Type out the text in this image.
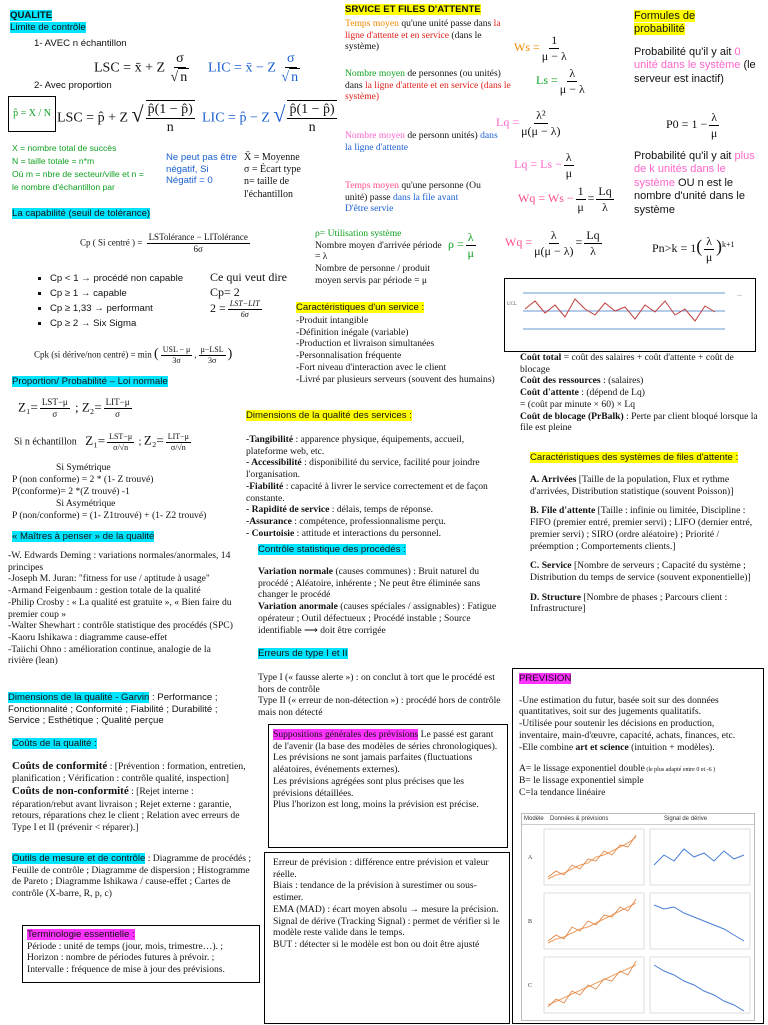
QUALITE
Limite de contrôle
1- AVEC n échantillon
LSC = x̄ + Z $\frac{\sigma}{√ n}$ LIC = x̄ − Z $\frac{\sigma}{√ n}$
2- Avec proportion
p̂ = X / N LSC = p̂ + Z √ $\frac{p̂(1 - p̂)}{n}$ LIC = p̂ − Z √ $\frac{p̂(1 - p̂)}{n}$
X = nombre total de succès
N = taille totale = n*m
Où m = nbre de secteur/ville et n =
le nombre d'échantillon par
Ne peut pas être négatif, Si Négatif = 0
X̄ = Moyenne
σ = Écart type
n= taille de l'échantillon
La capabilité (seuil de tolérance)
Cp ( Si centré ) = $\frac{\text{LSTolérance − LITolérance}}{6\sigma}$
▪ Cp < 1 → procédé non capable
▪ Cp ≥ 1 → capable
▪ Cp ≥ 1,33 → performant
▪ Cp ≥ 2 → Six Sigma
Ce qui veut dire
Cp= 2
$2 = \frac{\text{LST−LIT}}{6\sigma}$
Cpk (si dérive/non centré) = min ( $\frac{\text{USL − μ}}{3\sigma}$ , $\frac{\text{μ−LSL}}{3\sigma}$ )
Proportion/ Probabilité – Loi normale
$Z_1= \frac{\text{LST−μ}}{\sigma}$ ; $Z_2= \frac{\text{LIT−μ}}{\sigma}$
Si n échantillon $Z_1= \frac{\text{LST−μ}}{\sigma/√n}$ ; $Z_2= \frac{\text{LIT−μ}}{\sigma/√n}$
Si Symétrique
P (non conforme) = 2 * (1- Z trouvé)
P(conforme)= 2 *(Z trouvé) -1
Si Asymétrique
P (non/conforme) = (1- Z1trouvé) + (1- Z2 trouvé)
« Maîtres à penser » de la qualité
-W. Edwards Deming : variations normales/anormales, 14 principes
-Joseph M. Juran: "fitness for use / aptitude à usage"
-Armand Feigenbaum : gestion totale de la qualité
-Philip Crosby : « La qualité est gratuite », « Bien faire du premier coup »
-Walter Shewhart : contrôle statistique des procédés (SPC)
-Kaoru Ishikawa : diagramme cause-effet
-Taiichi Ohno : amélioration continue, analogie de la rivière (lean)
Dimensions de la qualité - Garvin : Performance ; Fonctionnalité ; Conformité ; Fiabilité ; Durabilité ; Service ; Esthétique ; Qualité perçue
Coûts de la qualité :

Coûts de conformité : [Prévention : formation, entretien, planification ; Vérification : contrôle qualité, inspection]

Coûts de non-conformité : [Rejet interne : réparation/rebut avant livraison ; Rejet externe : garantie, retours, réparations chez le client ; Relation avec erreurs de Type I et II (prévenir < réparer).]

Outils de mesure et de contrôle : Diagramme de procédés ; Feuille de contrôle ; Diagramme de dispersion ; Histogramme de Pareto ; Diagramme Ishikawa / cause-effet ; Cartes de contrôle (X-barre, R, p, c)
Terminologie essentielle :
Période : unité de temps (jour, mois, trimestre…). ;
Horizon : nombre de périodes futures à prévoir. ;
Intervalle : fréquence de mise à jour des prévisions.
SRVICE ET FILES D'ATTENTE
Temps moyen qu'une unité passe dans la ligne d'attente et en service (dans le système)	$Ws = \frac{1}{\mu - \lambda}$
Nombre moyen de personnes (ou unités) dans la ligne d'attente et en service (dans le système)
$Ls = \frac{\lambda}{\mu - \lambda}$
Nombre moyen de personn unités) dans la ligne d'attente
$Lq = \frac{\text{λ²}}{\mu(\mu - \lambda)}$
$Lq = Ls - \frac{\lambda}{\mu}$
Temps moyen qu'une personne (Ou unité) passe dans la file avant
D'être servie
$Wq = Ws - \frac{1}{\mu} = \frac{Lq}{\lambda}$
$Wq = \frac{\lambda}{\mu(\mu - \lambda)} = \frac{Lq}{\lambda}$
ρ= Utilisation système
Nombre moyen d'arrivée période = λ
Nombre de personne / produit moyen servis par période = μ
$\rho = \frac{\lambda}{\mu}$
Caractéristiques d'un service :
-Produit intangible
-Définition inégale (variable)
-Production et livraison simultanées
-Personnalisation fréquente
-Fort niveau d'interaction avec le client
-Livré par plusieurs serveurs (souvent des humains)
Dimensions de la qualité des services :

-Tangibilité : apparence physique, équipements, accueil, plateforme web, etc.

- Accessibilité : disponibilité du service, facilité pour joindre l'organisation.

-Fiabilité : capacité à livrer le service correctement et de façon constante.

- Rapidité de service : délais, temps de réponse.

-Assurance : compétence, professionnalisme perçu.

- Courtoisie : attitude et interactions du personnel.

Contrôle statistique des procédés :

Variation normale (causes communes) : Bruit naturel du procédé ; Aléatoire, inhérente ; Ne peut être éliminée sans changer le procédé

Variation anormale (causes spéciales / assignables) : Fatigue opérateur ; Outil défectueux ; Procédé instable ; Source identifiable ⟶ doit être corrigée

Erreurs de type I et II

Type I (« fausse alerte ») : on conclut à tort que le procédé est hors de contrôle

Type II (« erreur de non-détection ») : procédé hors de contrôle mais non détecté

Suppositions générales des prévisions Le passé est garant de l'avenir (la base des modèles de séries chronologiques).
Les prévisions ne sont jamais parfaites (fluctuations aléatoires, événements externes).
Les prévisions agrégées sont plus précises que les prévisions détaillées.
Plus l'horizon est long, moins la prévision est précise.
Erreur de prévision : différence entre prévision et valeur réelle.
Biais : tendance de la prévision à surestimer ou sous-estimer.
EMA (MAD) : écart moyen absolu → mesure la précision.
Signal de dérive (Tracking Signal) : permet de vérifier si le modèle reste valide dans le temps.
BUT : détecter si le modèle est bon ou doit être ajusté
Formules de probabilité
Probabilité qu'il y ait 0 unité dans le système (le serveur est inactif)
$P0 = 1 - \frac{\lambda}{\mu}$
Probabilité qu'il y ait plus de k unités dans le système OU n est le nombre d'unité dans le système
$Pn>k = 1( \frac{\lambda}{\mu} )^{k+1}$
UCL
—

Coût total = coût des salaires + coût d'attente + coût de blocage

Coût des ressources : (salaires)

Coût d'attente : (dépend de Lq)

= (coût par minute × 60) × Lq

Coût de blocage (PrBalk) : Perte par client bloqué lorsque la file est pleine

Caractéristiques des systèmes de files d'attente :

A. Arrivées [Taille de la population, Flux et rythme d'arrivées, Distribution statistique (souvent Poisson)]

B. File d'attente [Taille : infinie ou limitée, Discipline : FIFO (premier entré, premier servi) ; LIFO (dernier entré, premier servi) ; SIRO (ordre aléatoire) ; Priorité / préemption ; Comportements clients.]

C. Service [Nombre de serveurs ; Capacité du système ; Distribution du temps de service (souvent exponentielle)]

D. Structure [Nombre de phases ; Parcours client : Infrastructure]

PREVISION
-Une estimation du futur, basée soit sur des données quantitatives, soit sur des jugements qualitatifs.
-Utilisée pour soutenir les décisions en production, inventaire, main-d'œuvre, capacité, achats, finances, etc.
-Elle combine art et science (intuition + modèles).
A= le lissage exponentiel double (le plus adapté entre 0 et -6 )
B= le lissage exponentiel simple
C=la tendance linéaire
Modèle	Données & prévisions	Signal de dérive
A
B
C
